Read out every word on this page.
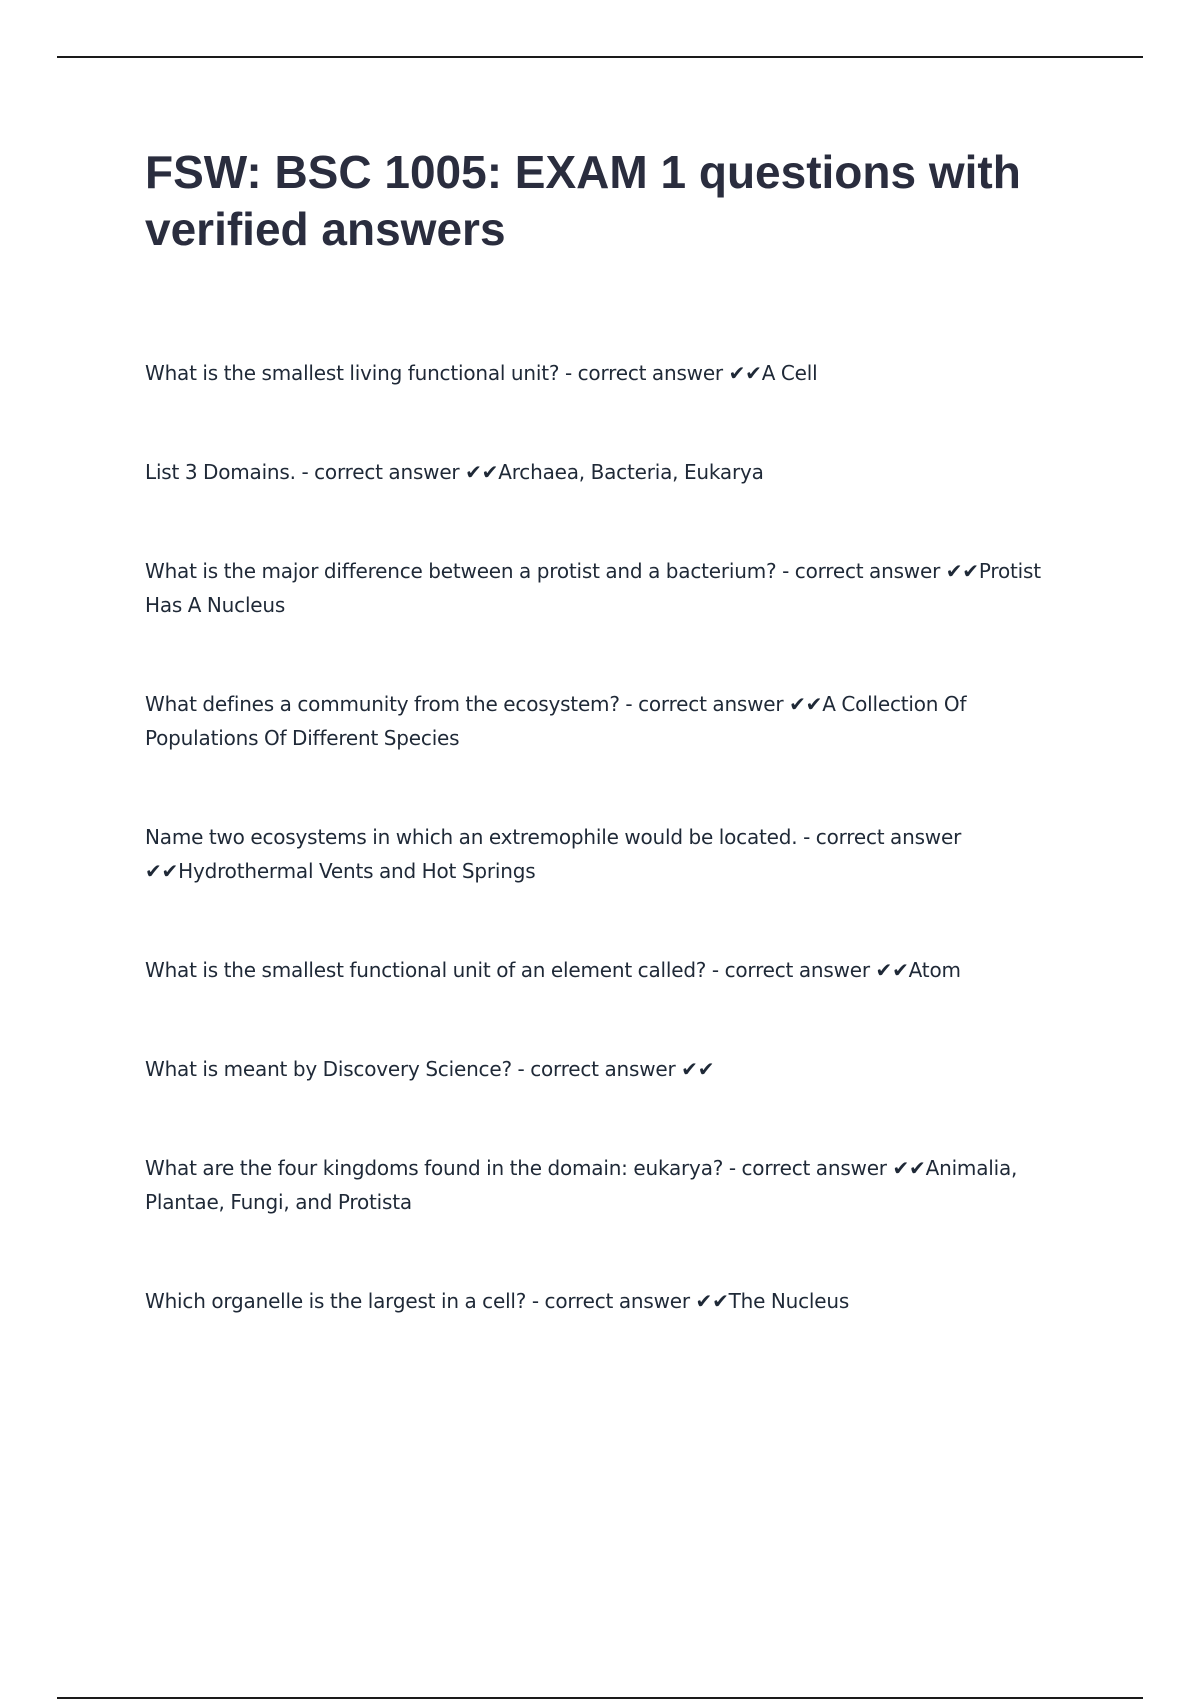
FSW: BSC 1005: EXAM 1 questions with verified answers
What is the smallest living functional unit? - correct answer ✔✔A Cell
List 3 Domains. - correct answer ✔✔Archaea, Bacteria, Eukarya
What is the major difference between a protist and a bacterium? - correct answer ✔✔Protist Has A Nucleus
What defines a community from the ecosystem? - correct answer ✔✔A Collection Of Populations Of Different Species
Name two ecosystems in which an extremophile would be located. - correct answer ✔✔Hydrothermal Vents and Hot Springs
What is the smallest functional unit of an element called? - correct answer ✔✔Atom
What is meant by Discovery Science? - correct answer ✔✔
What are the four kingdoms found in the domain: eukarya? - correct answer ✔✔Animalia, Plantae, Fungi, and Protista
Which organelle is the largest in a cell? - correct answer ✔✔The Nucleus
